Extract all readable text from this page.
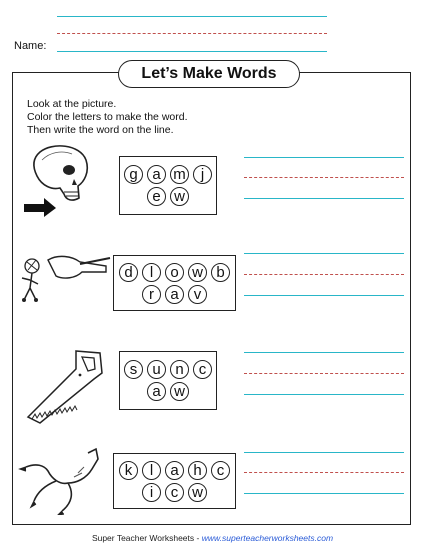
Name:
Let’s Make Words
Look at the picture.
Color the letters to make the word.
Then write the word on the line.
g a m	j
e w
d	l	o w b
r	a	v
s	u n	c
a w
k	l	a h	c
i	c w
Super Teacher Worksheets - www.superteacherworksheets.com
